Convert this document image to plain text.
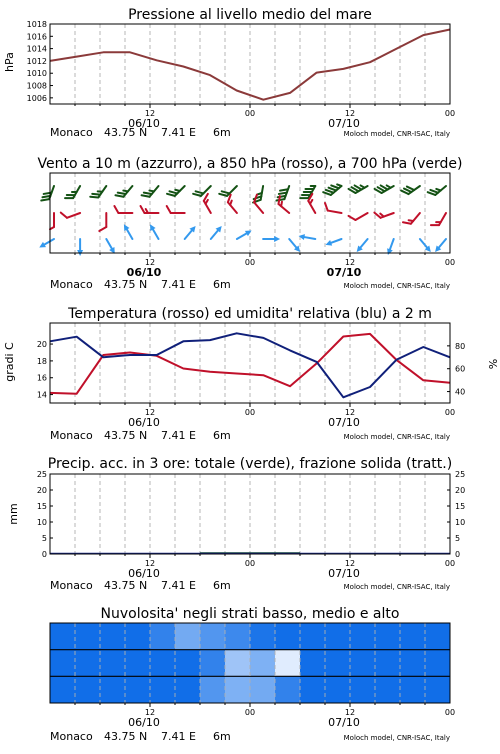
Pressione al livello medio del mare
hPa
1006
1008
1010
1012
1014
1016
1018
12	00	12	00
06/10	07/10
Monaco 43.75 N 7.41 E 6m	Moloch model, CNR-ISAC, Italy
Vento a 10 m (azzurro), a 850 hPa (rosso), a 700 hPa (verde)
12	00	12	00
06/10	07/10
Monaco 43.75 N 7.41 E 6m	Moloch model, CNR-ISAC, Italy
Temperatura (rosso) ed umidita' relativa (blu) a 2 m
gradi C	%
14
16
18
20
40
60
80
12	00	12	00
06/10	07/10
Monaco 43.75 N 7.41 E 6m	Moloch model, CNR-ISAC, Italy
Precip. acc. in 3 ore: totale (verde), frazione solida (tratt.)
mm
0
5
10
15
20
25
0
5
10
15
20
25
12	00	12	00
06/10	07/10
Monaco 43.75 N 7.41 E 6m	Moloch model, CNR-ISAC, Italy
Nuvolosita' negli strati basso, medio e alto
12	00	12	00
06/10	07/10
Monaco 43.75 N 7.41 E 6m	Moloch model, CNR-ISAC, Italy
